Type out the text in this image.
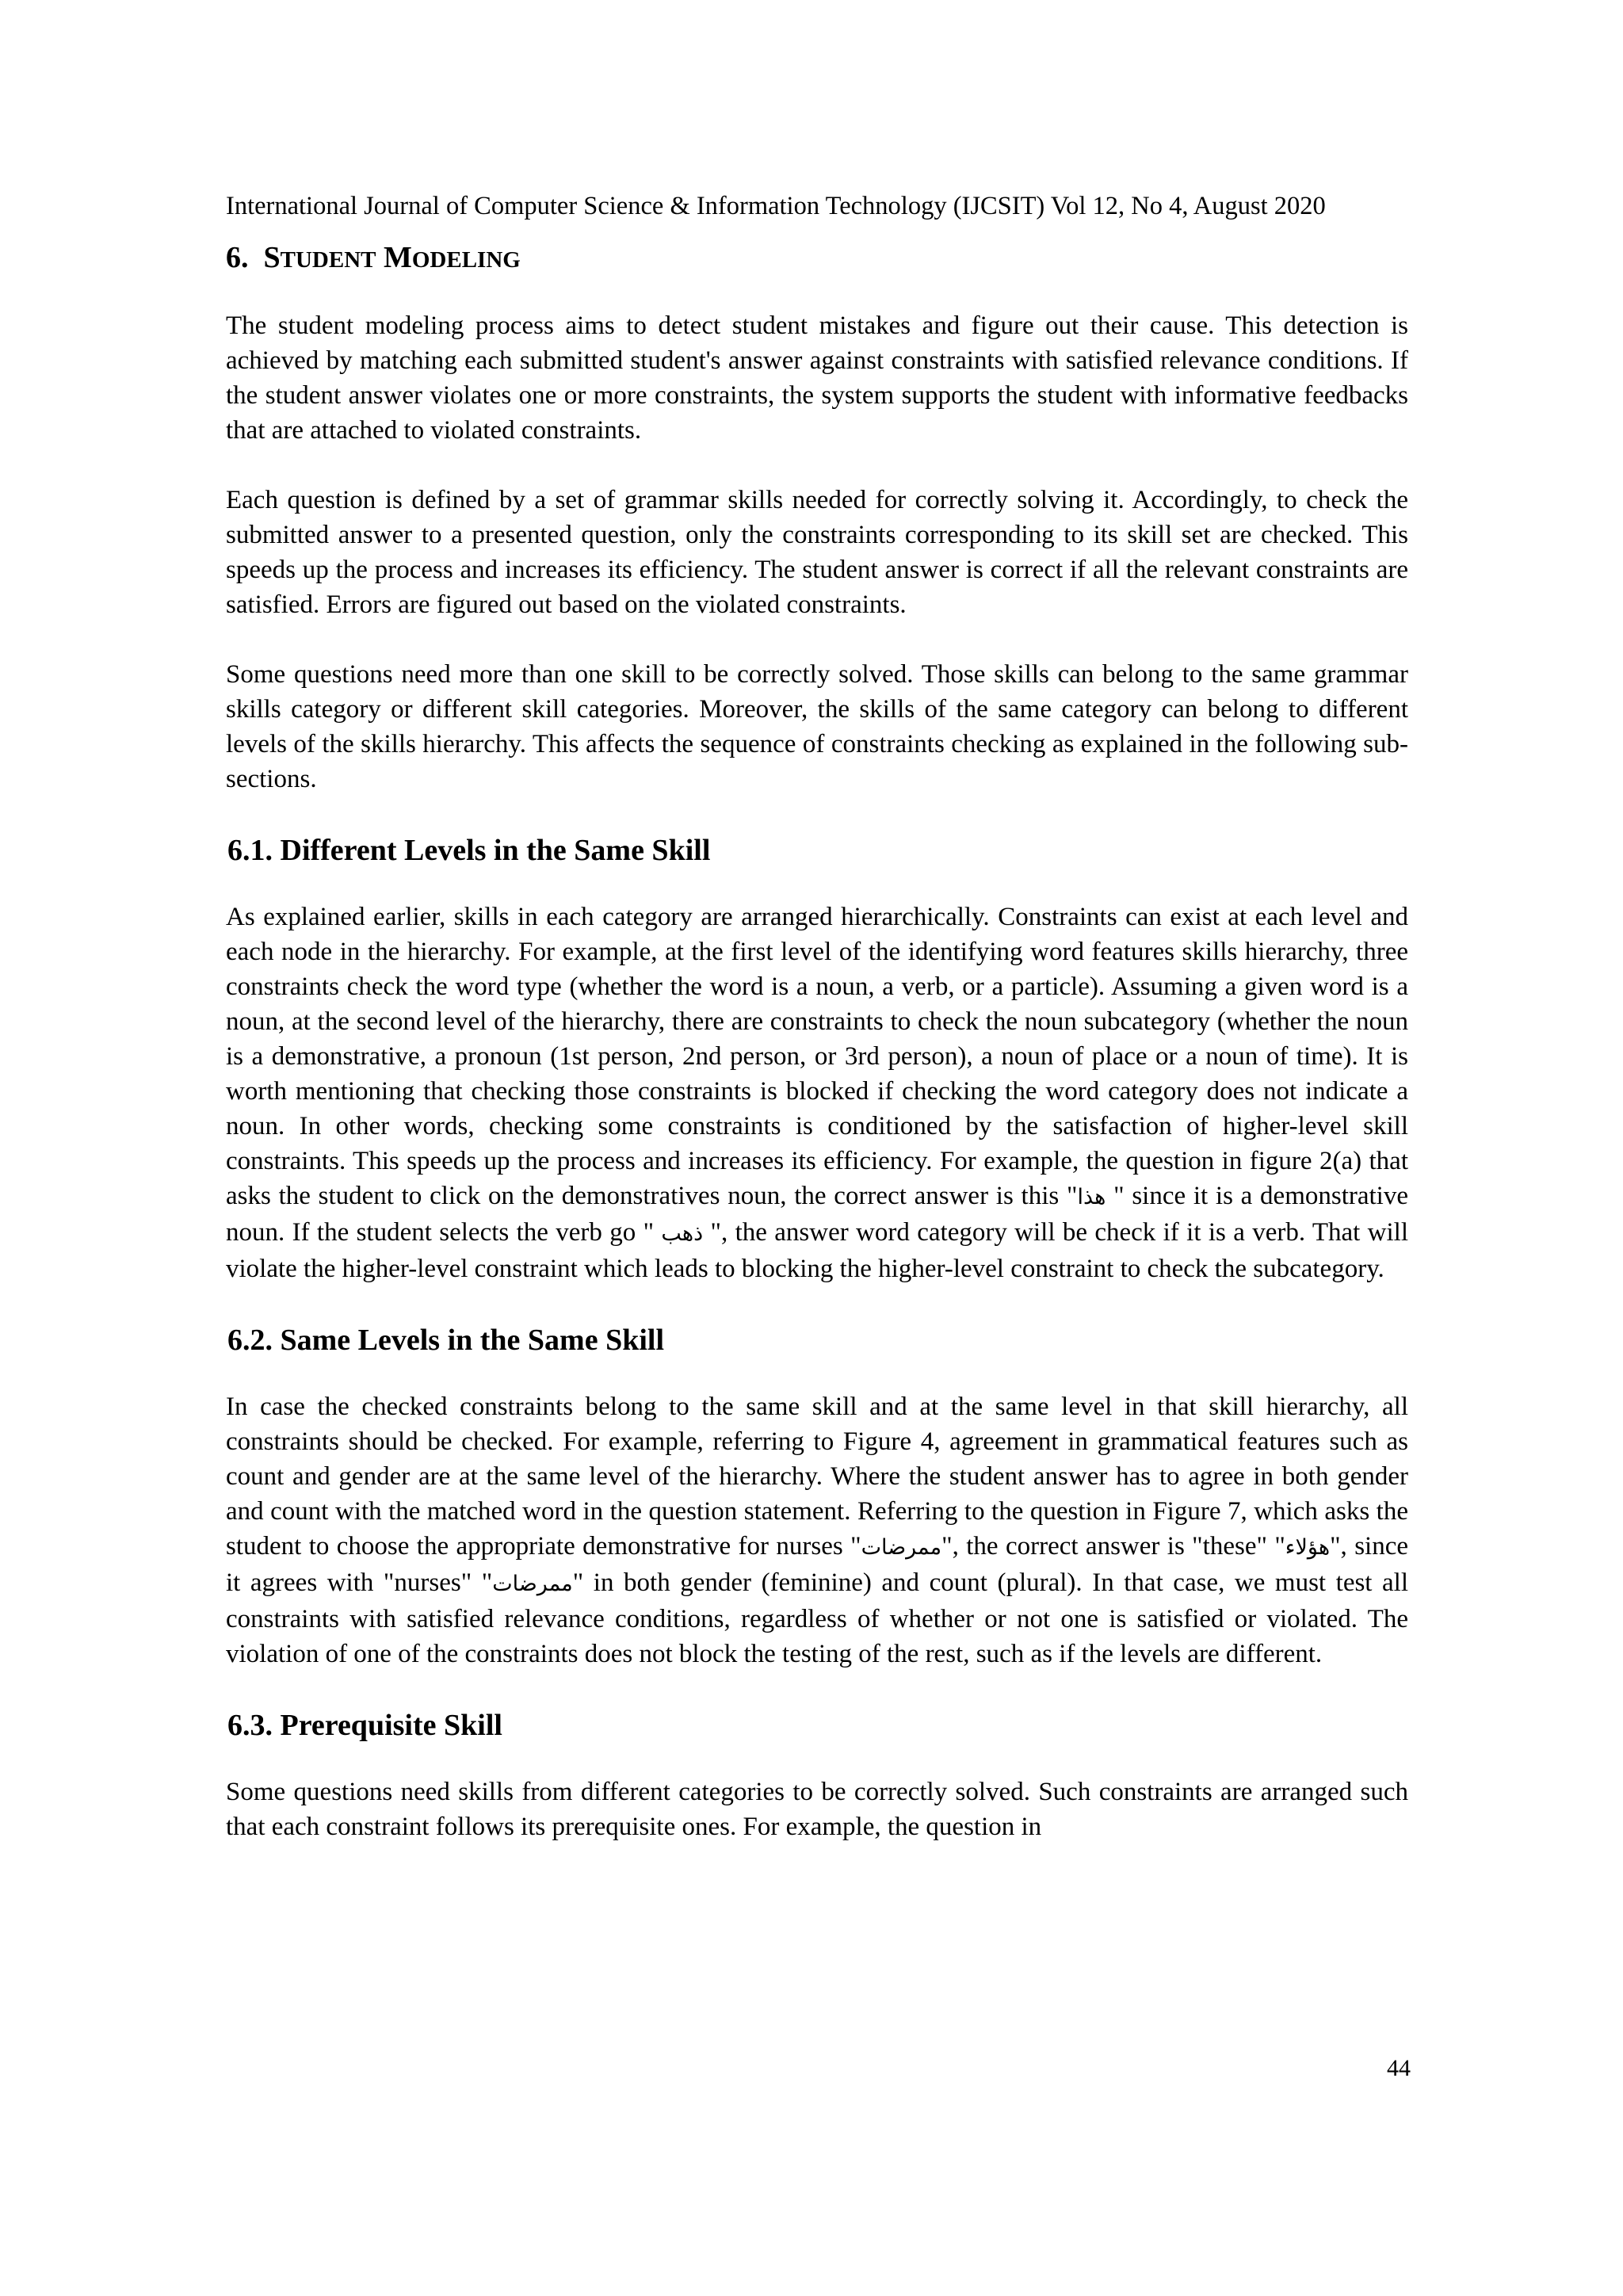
International Journal of Computer Science & Information Technology (IJCSIT) Vol 12, No 4, August 2020
6. STUDENT MODELING

The student modeling process aims to detect student mistakes and figure out their cause. This detection is achieved by matching each submitted student's answer against constraints with satisfied relevance conditions. If the student answer violates one or more constraints, the system supports the student with informative feedbacks that are attached to violated constraints.

Each question is defined by a set of grammar skills needed for correctly solving it. Accordingly, to check the submitted answer to a presented question, only the constraints corresponding to its skill set are checked. This speeds up the process and increases its efficiency. The student answer is correct if all the relevant constraints are satisfied. Errors are figured out based on the violated constraints.

Some questions need more than one skill to be correctly solved. Those skills can belong to the same grammar skills category or different skill categories. Moreover, the skills of the same category can belong to different levels of the skills hierarchy. This affects the sequence of constraints checking as explained in the following sub-sections.

6.1. Different Levels in the Same Skill

As explained earlier, skills in each category are arranged hierarchically. Constraints can exist at each level and each node in the hierarchy. For example, at the first level of the identifying word features skills hierarchy, three constraints check the word type (whether the word is a noun, a verb, or a particle). Assuming a given word is a noun, at the second level of the hierarchy, there are constraints to check the noun subcategory (whether the noun is a demonstrative, a pronoun (1st person, 2nd person, or 3rd person), a noun of place or a noun of time). It is worth mentioning that checking those constraints is blocked if checking the word category does not indicate a noun. In other words, checking some constraints is conditioned by the satisfaction of higher-level skill constraints. This speeds up the process and increases its efficiency. For example, the question in figure 2(a) that asks the student to click on the demonstratives noun, the correct answer is this "هذا " since it is a demonstrative noun. If the student selects the verb go " ذهب ", the answer word category will be check if it is a verb. That will violate the higher-level constraint which leads to blocking the higher-level constraint to check the subcategory.

6.2. Same Levels in the Same Skill

In case the checked constraints belong to the same skill and at the same level in that skill hierarchy, all constraints should be checked. For example, referring to Figure 4, agreement in grammatical features such as count and gender are at the same level of the hierarchy. Where the student answer has to agree in both gender and count with the matched word in the question statement. Referring to the question in Figure 7, which asks the student to choose the appropriate demonstrative for nurses "ممرضات", the correct answer is "these" "هؤلاء", since it agrees with "nurses" "ممرضات" in both gender (feminine) and count (plural). In that case, we must test all constraints with satisfied relevance conditions, regardless of whether or not one is satisfied or violated. The violation of one of the constraints does not block the testing of the rest, such as if the levels are different.

6.3. Prerequisite Skill

Some questions need skills from different categories to be correctly solved. Such constraints are arranged such that each constraint follows its prerequisite ones. For example, the question in

44
